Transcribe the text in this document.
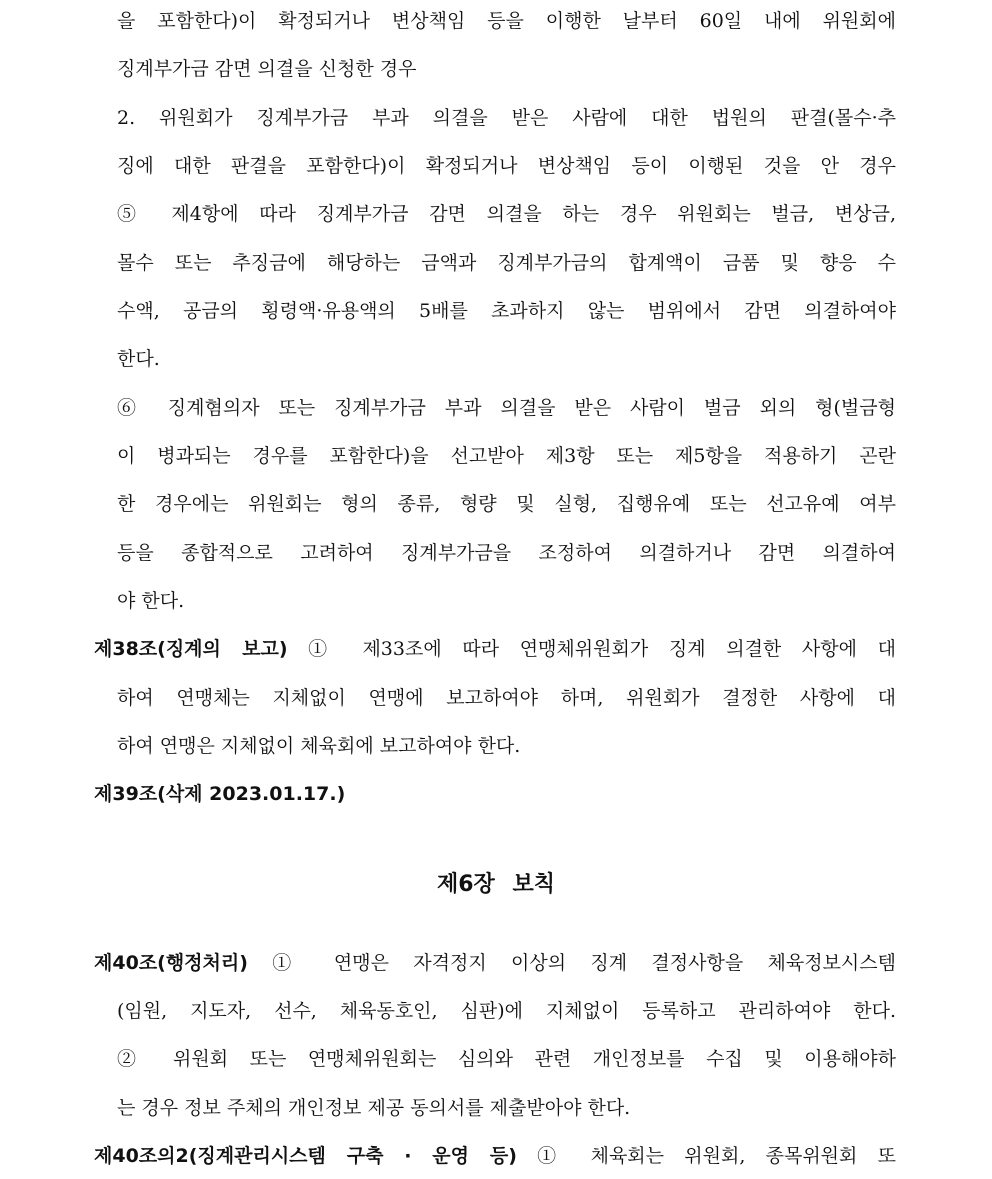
을 포함한다)이 확정되거나 변상책임 등을 이행한 날부터 60일 내에 위원회에
징계부가금 감면 의결을 신청한 경우
2. 위원회가 징계부가금 부과 의결을 받은 사람에 대한 법원의 판결(몰수·추
징에 대한 판결을 포함한다)이 확정되거나 변상책임 등이 이행된 것을 안 경우
⑤ 제4항에 따라 징계부가금 감면 의결을 하는 경우 위원회는 벌금, 변상금,
몰수 또는 추징금에 해당하는 금액과 징계부가금의 합계액이 금품 및 향응 수
수액, 공금의 횡령액·유용액의 5배를 초과하지 않는 범위에서 감면 의결하여야
한다.
⑥ 징계혐의자 또는 징계부가금 부과 의결을 받은 사람이 벌금 외의 형(벌금형
이 병과되는 경우를 포함한다)을 선고받아 제3항 또는 제5항을 적용하기 곤란
한 경우에는 위원회는 형의 종류, 형량 및 실형, 집행유예 또는 선고유예 여부
등을 종합적으로 고려하여 징계부가금을 조정하여 의결하거나 감면 의결하여
야 한다.
제38조(징계의 보고) ① 제33조에 따라 연맹체위원회가 징계 의결한 사항에 대
하여 연맹체는 지체없이 연맹에 보고하여야 하며, 위원회가 결정한 사항에 대
하여 연맹은 지체없이 체육회에 보고하여야 한다.
제39조(삭제 2023.01.17.)
제6장 보칙
제40조(행정처리) ① 연맹은 자격정지 이상의 징계 결정사항을 체육정보시스템
(임원, 지도자, 선수, 체육동호인, 심판)에 지체없이 등록하고 관리하여야 한다.
② 위원회 또는 연맹체위원회는 심의와 관련 개인정보를 수집 및 이용해야하
는 경우 정보 주체의 개인정보 제공 동의서를 제출받아야 한다.
제40조의2(징계관리시스템 구축 · 운영 등) ① 체육회는 위원회, 종목위원회 또
